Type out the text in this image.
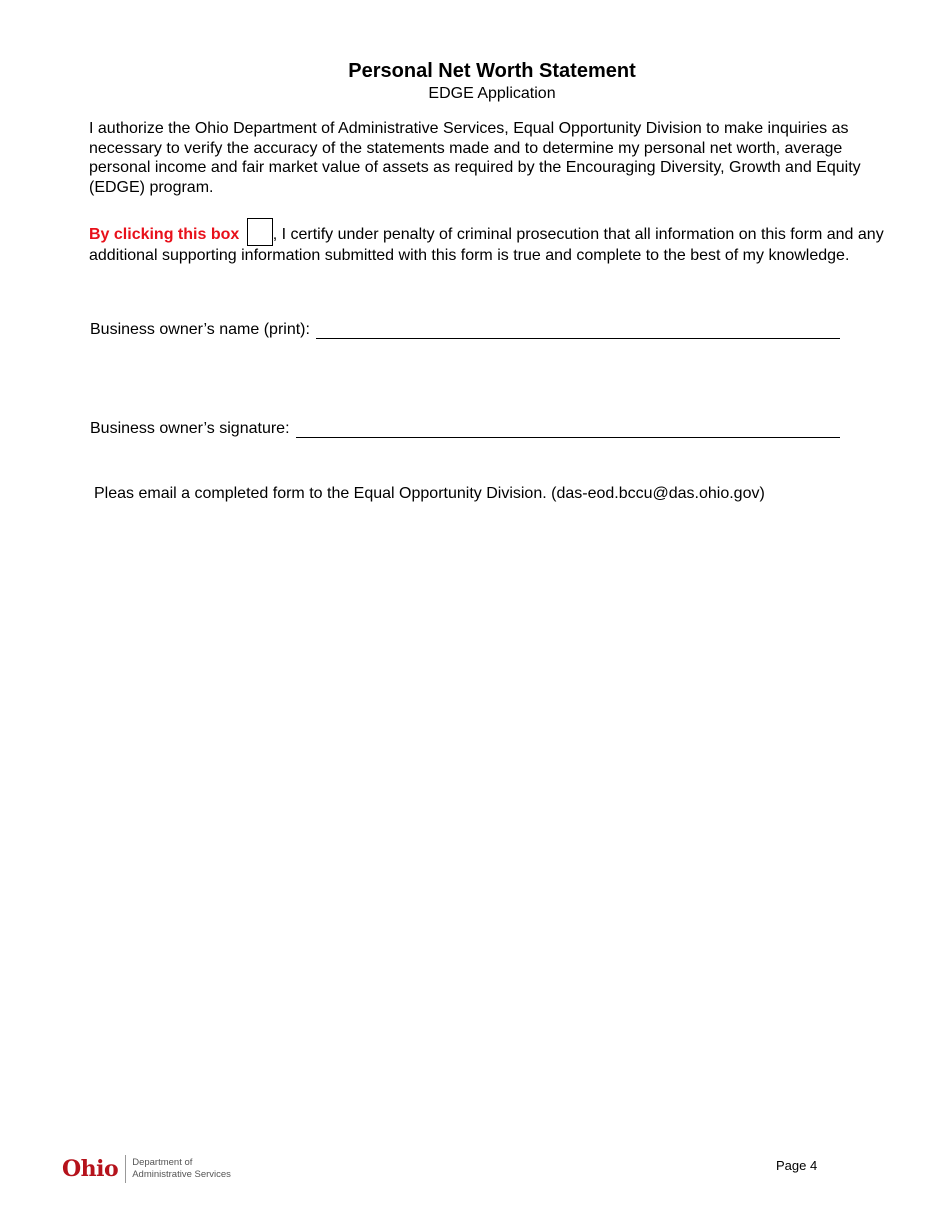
Personal Net Worth Statement
EDGE Application
I authorize the Ohio Department of Administrative Services, Equal Opportunity Division to make inquiries as necessary to verify the accuracy of the statements made and to determine my personal net worth, average personal income and fair market value of assets as required by the Encouraging Diversity, Growth and Equity (EDGE) program.
By clicking this box , I certify under penalty of criminal prosecution that all information on this form and any additional supporting information submitted with this form is true and complete to the best of my knowledge.
Business owner’s name (print):
Business owner’s signature:
Pleas email a completed form to the Equal Opportunity Division. (das-eod.bccu@das.ohio.gov)
Ohio Department of
Administrative Services
Page 4
